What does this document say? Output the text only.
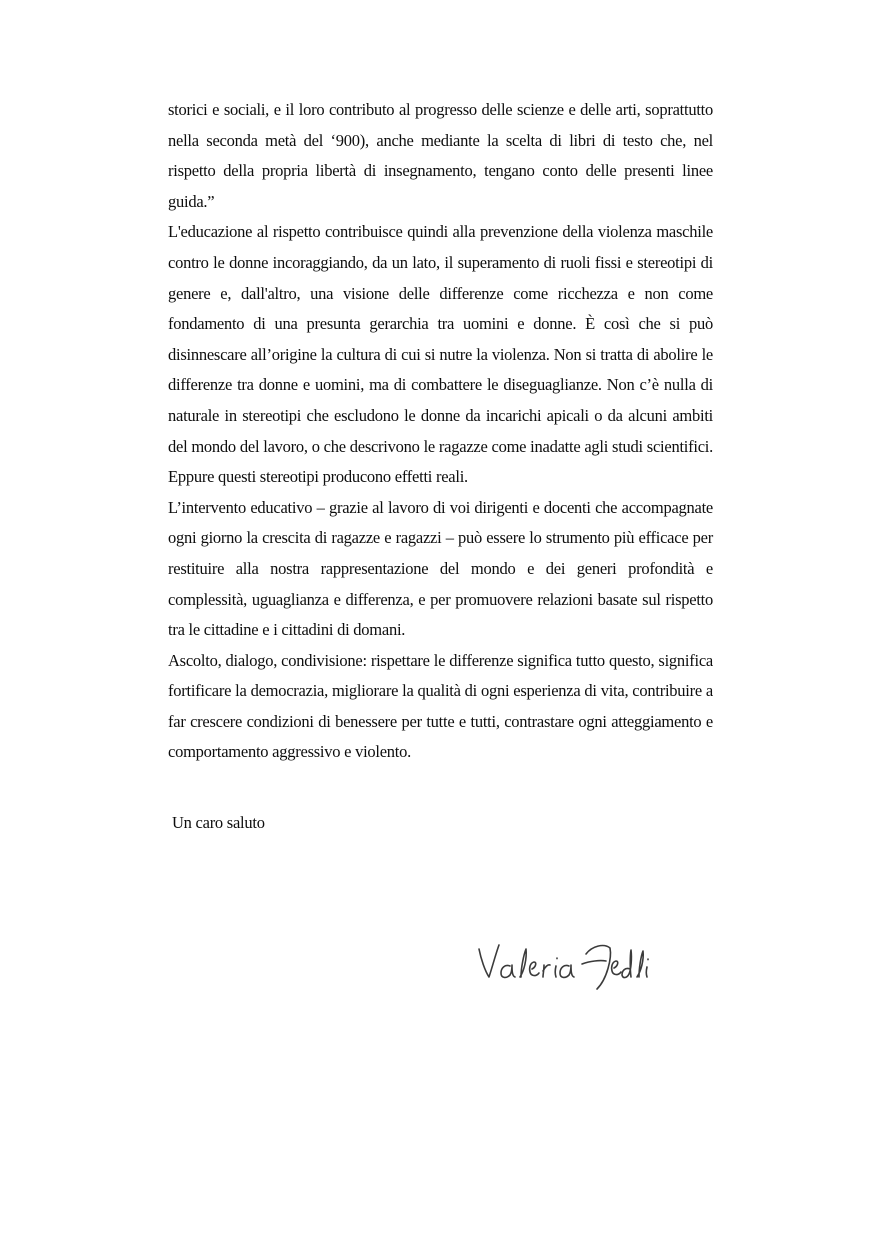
storici e sociali, e il loro contributo al progresso delle scienze e delle arti, soprattutto nella seconda metà del ‘900), anche mediante la scelta di libri di testo che, nel rispetto della propria libertà di insegnamento, tengano conto delle presenti linee guida.”

L'educazione al rispetto contribuisce quindi alla prevenzione della violenza maschile contro le donne incoraggiando, da un lato, il superamento di ruoli fissi e stereotipi di genere e, dall'altro, una visione delle differenze come ricchezza e non come fondamento di una presunta gerarchia tra uomini e donne. È così che si può disinnescare all’origine la cultura di cui si nutre la violenza. Non si tratta di abolire le differenze tra donne e uomini, ma di combattere le diseguaglianze. Non c’è nulla di naturale in stereotipi che escludono le donne da incarichi apicali o da alcuni ambiti del mondo del lavoro, o che descrivono le ragazze come inadatte agli studi scientifici. Eppure questi stereotipi producono effetti reali.

L’intervento educativo – grazie al lavoro di voi dirigenti e docenti che accompagnate ogni giorno la crescita di ragazze e ragazzi – può essere lo strumento più efficace per restituire alla nostra rappresentazione del mondo e dei generi profondità e complessità, uguaglianza e differenza, e per promuovere relazioni basate sul rispetto tra le cittadine e i cittadini di domani.

Ascolto, dialogo, condivisione: rispettare le differenze significa tutto questo, significa fortificare la democrazia, migliorare la qualità di ogni esperienza di vita, contribuire a far crescere condizioni di benessere per tutte e tutti, contrastare ogni atteggiamento e comportamento aggressivo e violento.

Un caro saluto
